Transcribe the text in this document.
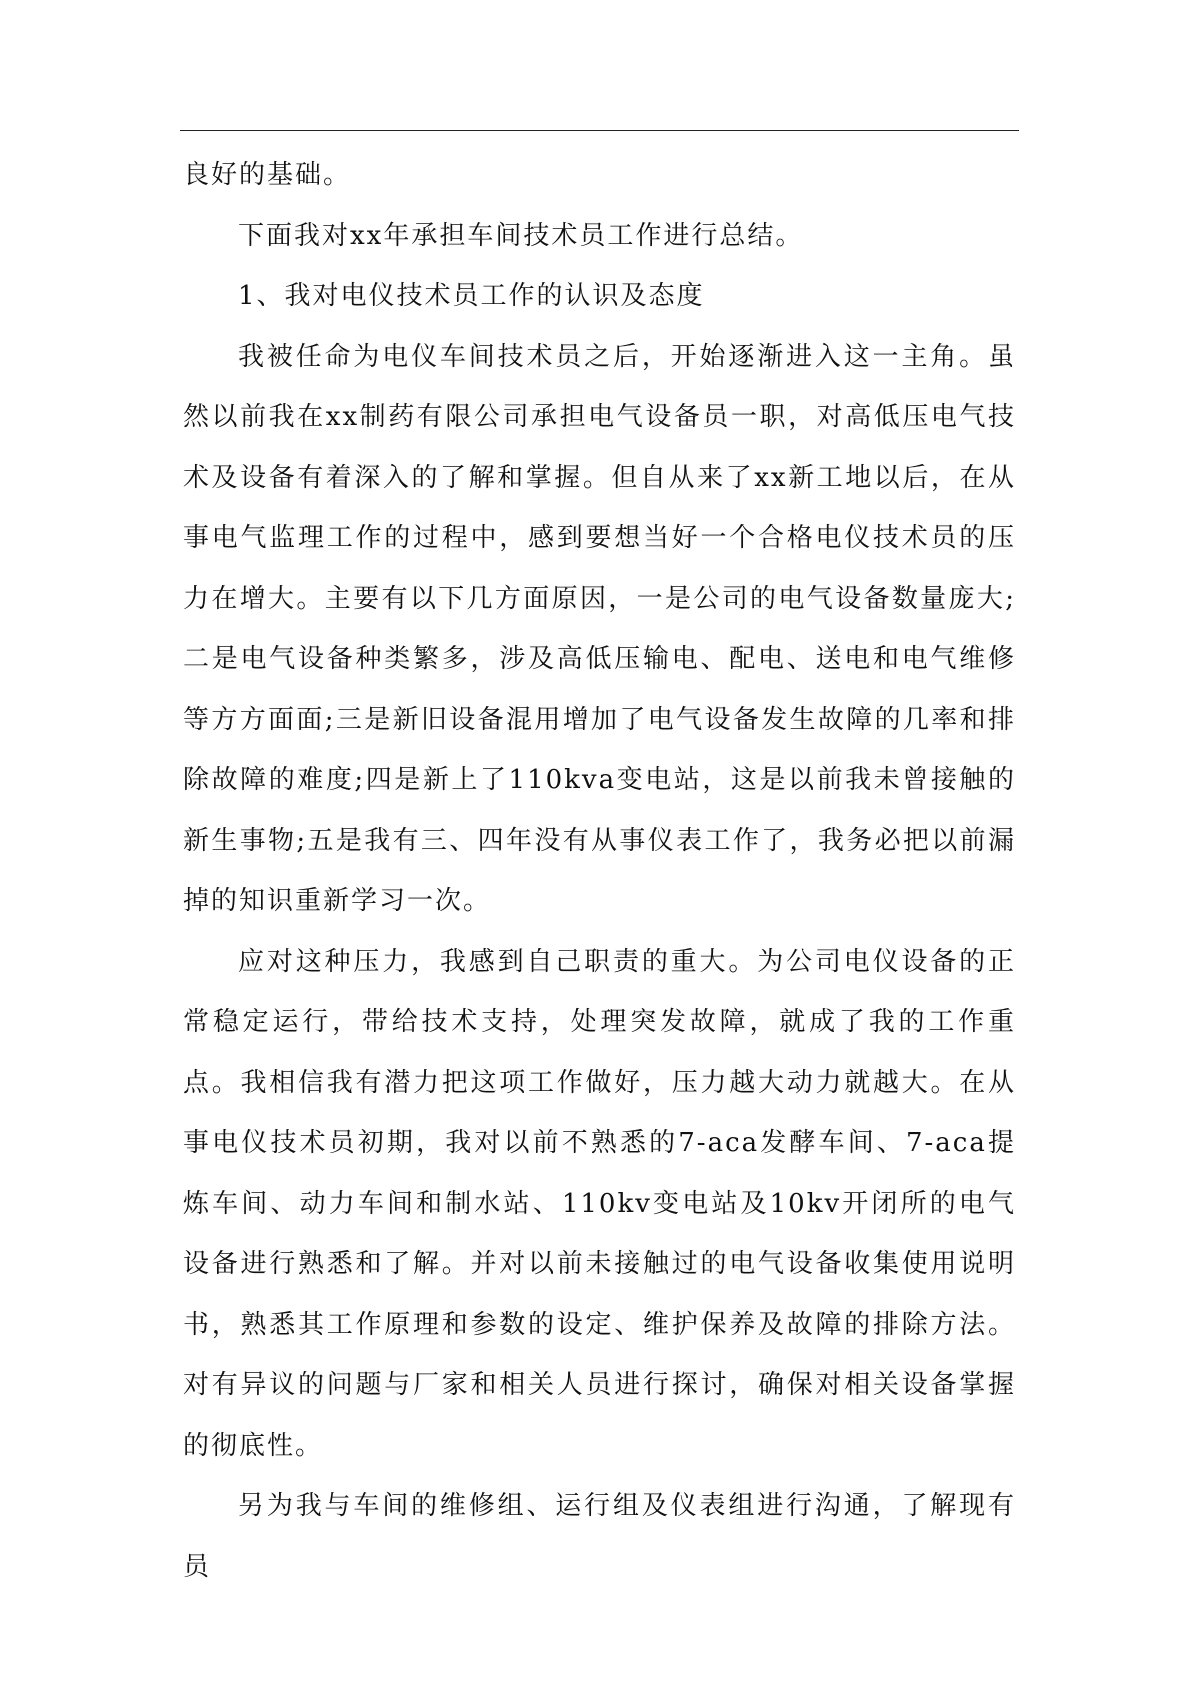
良好的基础。

下面我对xx年承担车间技术员工作进行总结。

1、我对电仪技术员工作的认识及态度

我被任命为电仪车间技术员之后，开始逐渐进入这一主角。虽然以前我在xx制药有限公司承担电气设备员一职，对高低压电气技术及设备有着深入的了解和掌握。但自从来了xx新工地以后，在从事电气监理工作的过程中，感到要想当好一个合格电仪技术员的压力在增大。主要有以下几方面原因，一是公司的电气设备数量庞大;二是电气设备种类繁多，涉及高低压输电、配电、送电和电气维修等方方面面;三是新旧设备混用增加了电气设备发生故障的几率和排除故障的难度;四是新上了110kva变电站，这是以前我未曾接触的新生事物;五是我有三、四年没有从事仪表工作了，我务必把以前漏掉的知识重新学习一次。

应对这种压力，我感到自己职责的重大。为公司电仪设备的正常稳定运行，带给技术支持，处理突发故障，就成了我的工作重点。我相信我有潜力把这项工作做好，压力越大动力就越大。在从事电仪技术员初期，我对以前不熟悉的7-aca发酵车间、7-aca提炼车间、动力车间和制水站、110kv变电站及10kv开闭所的电气设备进行熟悉和了解。并对以前未接触过的电气设备收集使用说明书，熟悉其工作原理和参数的设定、维护保养及故障的排除方法。对有异议的问题与厂家和相关人员进行探讨，确保对相关设备掌握的彻底性。

另为我与车间的维修组、运行组及仪表组进行沟通，了解现有员
